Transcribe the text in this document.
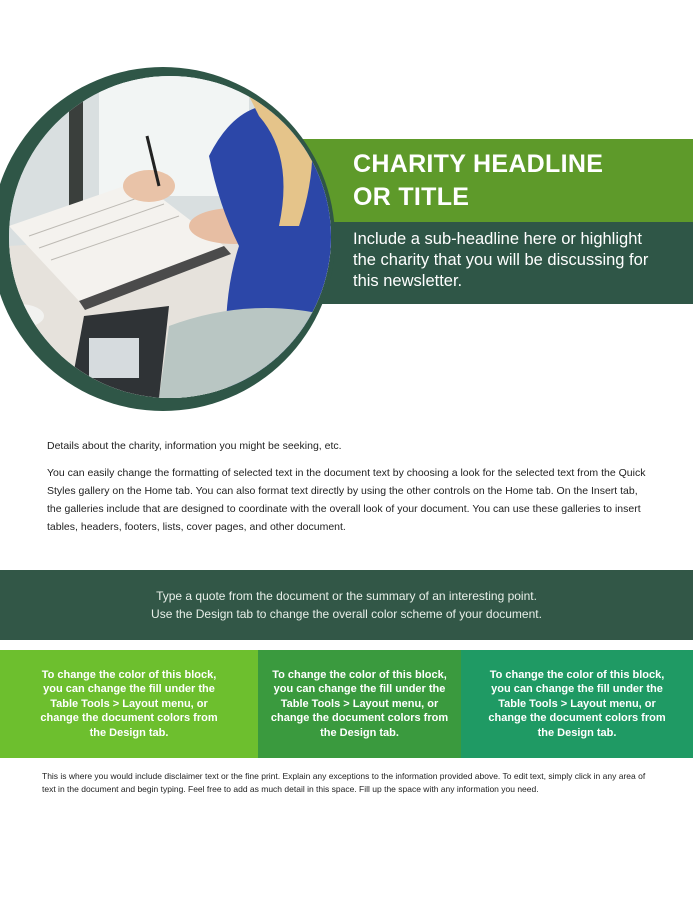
CHARITY HEADLINE
OR TITLE

Include a sub-headline here or highlight the charity that you will be discussing for this newsletter.

Details about the charity, information you might be seeking, etc.

You can easily change the formatting of selected text in the document text by choosing a look for the selected text from the Quick Styles gallery on the Home tab. You can also format text directly by using the other controls on the Home tab. On the Insert tab, the galleries include that are designed to coordinate with the overall look of your document. You can use these galleries to insert tables, headers, footers, lists, cover pages, and other document.

Type a quote from the document or the summary of an interesting point.

Use the Design tab to change the overall color scheme of your document.

To change the color of this block, you can change the fill under the Table Tools > Layout menu, or change the document colors from the Design tab.

To change the color of this block, you can change the fill under the Table Tools > Layout menu, or change the document colors from the Design tab.

To change the color of this block, you can change the fill under the Table Tools > Layout menu, or change the document colors from the Design tab.

This is where you would include disclaimer text or the fine print. Explain any exceptions to the information provided above. To edit text, simply click in any area of text in the document and begin typing. Feel free to add as much detail in this space. Fill up the space with any information you need.
